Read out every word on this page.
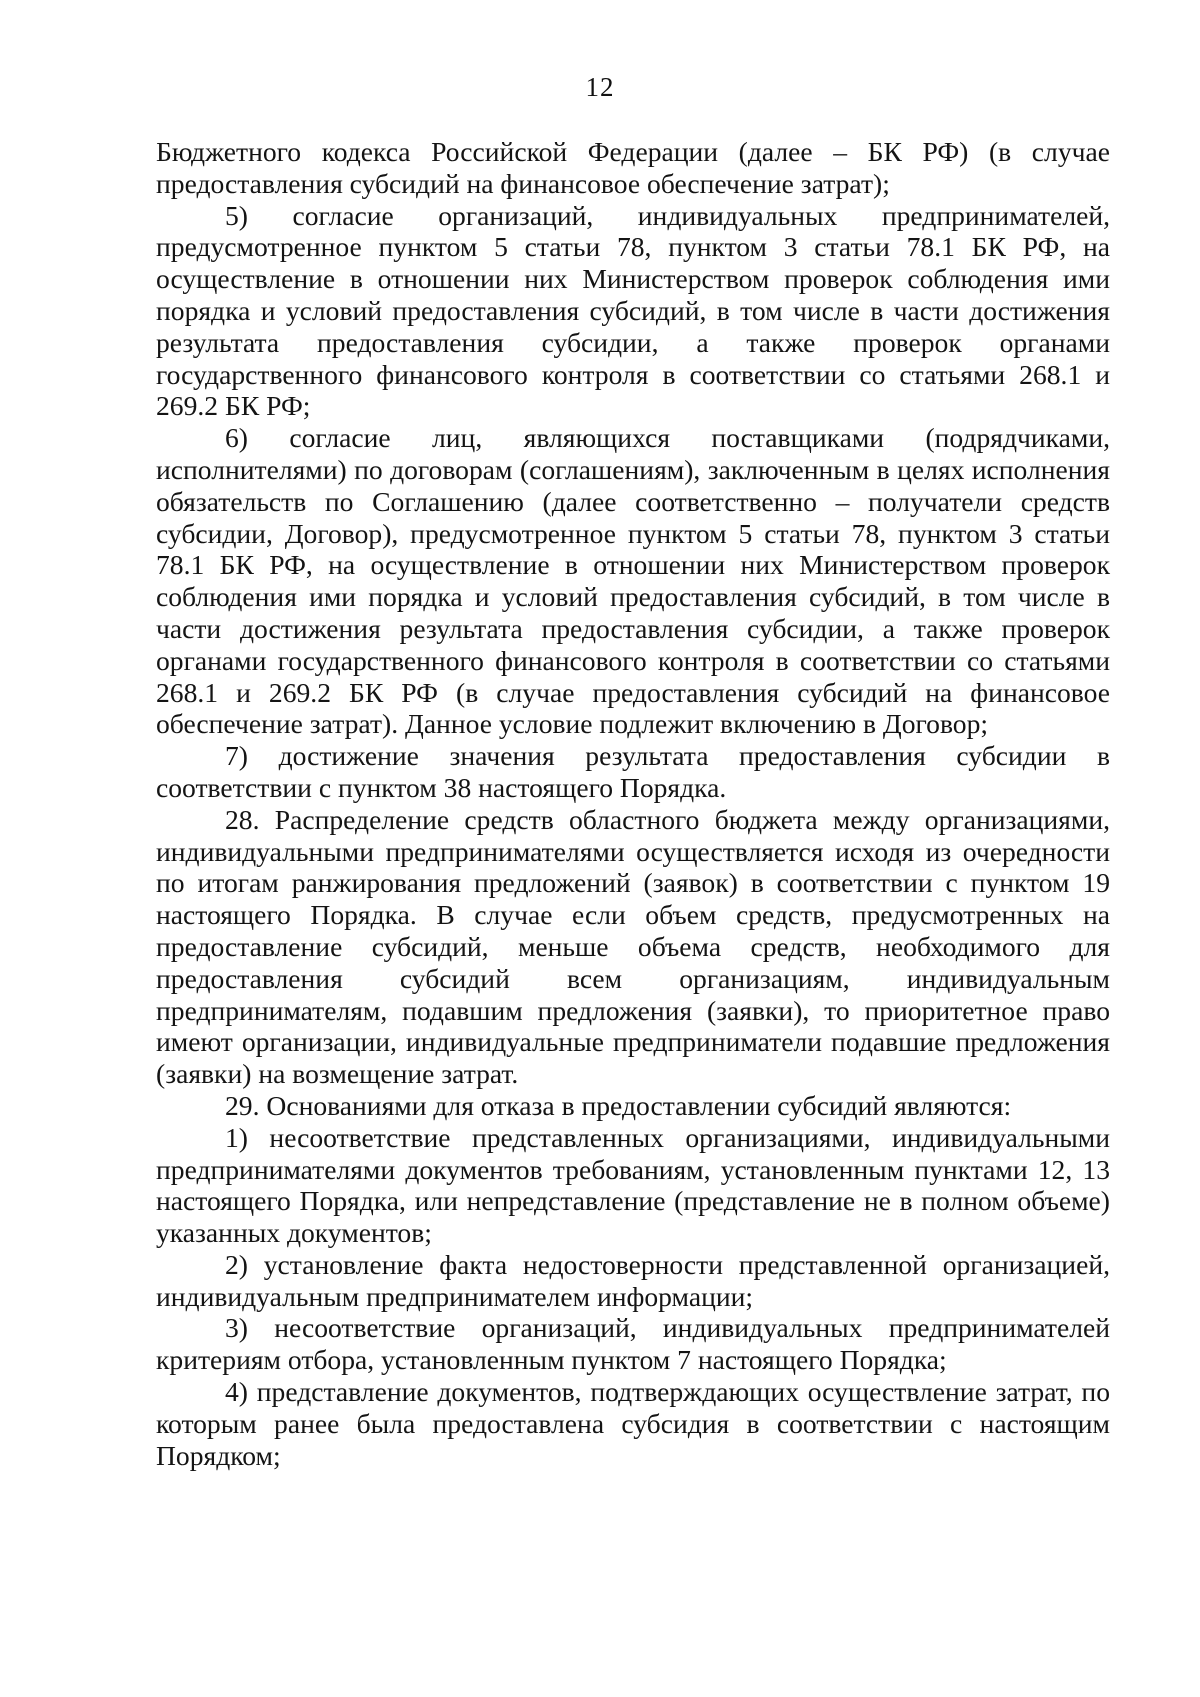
12

Бюджетного кодекса Российской Федерации (далее – БК РФ) (в случае предоставления субсидий на финансовое обеспечение затрат);

5) согласие организаций, индивидуальных предпринимателей, предусмотренное пунктом 5 статьи 78, пунктом 3 статьи 78.1 БК РФ, на осуществление в отношении них Министерством проверок соблюдения ими порядка и условий предоставления субсидий, в том числе в части достижения результата предоставления субсидии, а также проверок органами государственного финансового контроля в соответствии со статьями 268.1 и 269.2 БК РФ;

6) согласие лиц, являющихся поставщиками (подрядчиками, исполнителями) по договорам (соглашениям), заключенным в целях исполнения обязательств по Соглашению (далее соответственно – получатели средств субсидии, Договор), предусмотренное пунктом 5 статьи 78, пунктом 3 статьи 78.1 БК РФ, на осуществление в отношении них Министерством проверок соблюдения ими порядка и условий предоставления субсидий, в том числе в части достижения результата предоставления субсидии, а также проверок органами государственного финансового контроля в соответствии со статьями 268.1 и 269.2 БК РФ (в случае предоставления субсидий на финансовое обеспечение затрат). Данное условие подлежит включению в Договор;

7) достижение значения результата предоставления субсидии в соответствии с пунктом 38 настоящего Порядка.

28. Распределение средств областного бюджета между организациями, индивидуальными предпринимателями осуществляется исходя из очередности по итогам ранжирования предложений (заявок) в соответствии с пунктом 19 настоящего Порядка. В случае если объем средств, предусмотренных на предоставление субсидий, меньше объема средств, необходимого для предоставления субсидий всем организациям, индивидуальным предпринимателям, подавшим предложения (заявки), то приоритетное право имеют организации, индивидуальные предприниматели подавшие предложения (заявки) на возмещение затрат.

29. Основаниями для отказа в предоставлении субсидий являются:

1) несоответствие представленных организациями, индивидуальными предпринимателями документов требованиям, установленным пунктами 12, 13 настоящего Порядка, или непредставление (представление не в полном объеме) указанных документов;

2) установление факта недостоверности представленной организацией, индивидуальным предпринимателем информации;

3) несоответствие организаций, индивидуальных предпринимателей критериям отбора, установленным пунктом 7 настоящего Порядка;

4) представление документов, подтверждающих осуществление затрат, по которым ранее была предоставлена субсидия в соответствии с настоящим Порядком;
